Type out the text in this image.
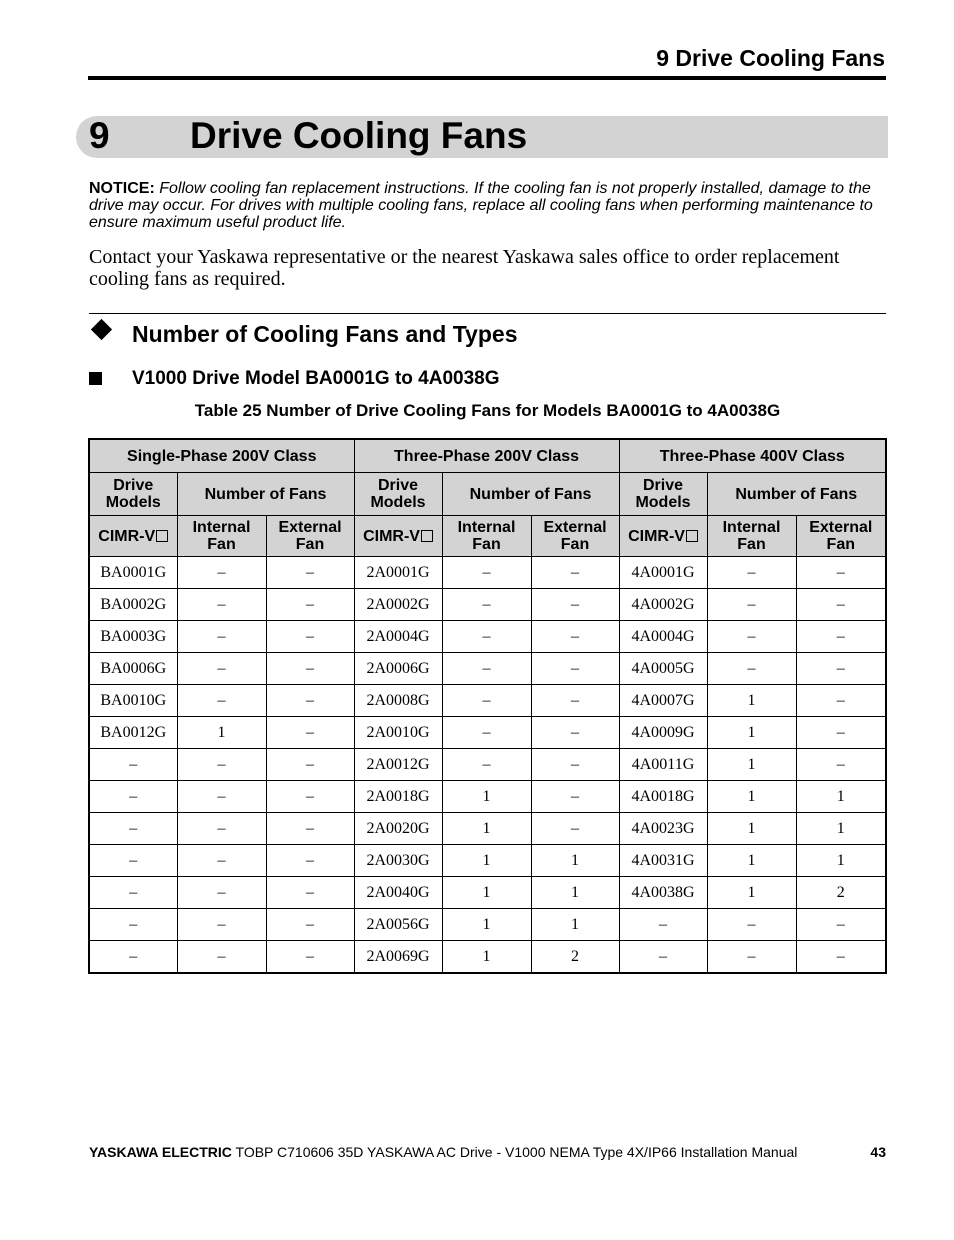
9 Drive Cooling Fans
9 Drive Cooling Fans
NOTICE: Follow cooling fan replacement instructions. If the cooling fan is not properly installed, damage to the drive may occur. For drives with multiple cooling fans, replace all cooling fans when performing maintenance to ensure maximum useful product life.
Contact your Yaskawa representative or the nearest Yaskawa sales office to order replacement cooling fans as required.
Number of Cooling Fans and Types
V1000 Drive Model BA0001G to 4A0038G
Table 25 Number of Drive Cooling Fans for Models BA0001G to 4A0038G
Single-Phase 200V Class			Three-Phase 200V Class			Three-Phase 400V Class		
Drive Models	Number of Fans		Drive Models	Number of Fans		Drive Models	Number of Fans	
CIMR-V	Internal Fan	External Fan	CIMR-V	Internal Fan	External Fan	CIMR-V	Internal Fan	External Fan
BA0001G	–	–	2A0001G	–	–	4A0001G	–	–
BA0002G	–	–	2A0002G	–	–	4A0002G	–	–
BA0003G	–	–	2A0004G	–	–	4A0004G	–	–
BA0006G	–	–	2A0006G	–	–	4A0005G	–	–
BA0010G	–	–	2A0008G	–	–	4A0007G	1	–
BA0012G	1	–	2A0010G	–	–	4A0009G	1	–
–	–	–	2A0012G	–	–	4A0011G	1	–
–	–	–	2A0018G	1	–	4A0018G	1	1
–	–	–	2A0020G	1	–	4A0023G	1	1
–	–	–	2A0030G	1	1	4A0031G	1	1
–	–	–	2A0040G	1	1	4A0038G	1	2
–	–	–	2A0056G	1	1	–	–	–
–	–	–	2A0069G	1	2	–	–	–
YASKAWA ELECTRIC TOBP C710606 35D YASKAWA AC Drive - V1000 NEMA Type 4X/IP66 Installation Manual	43
